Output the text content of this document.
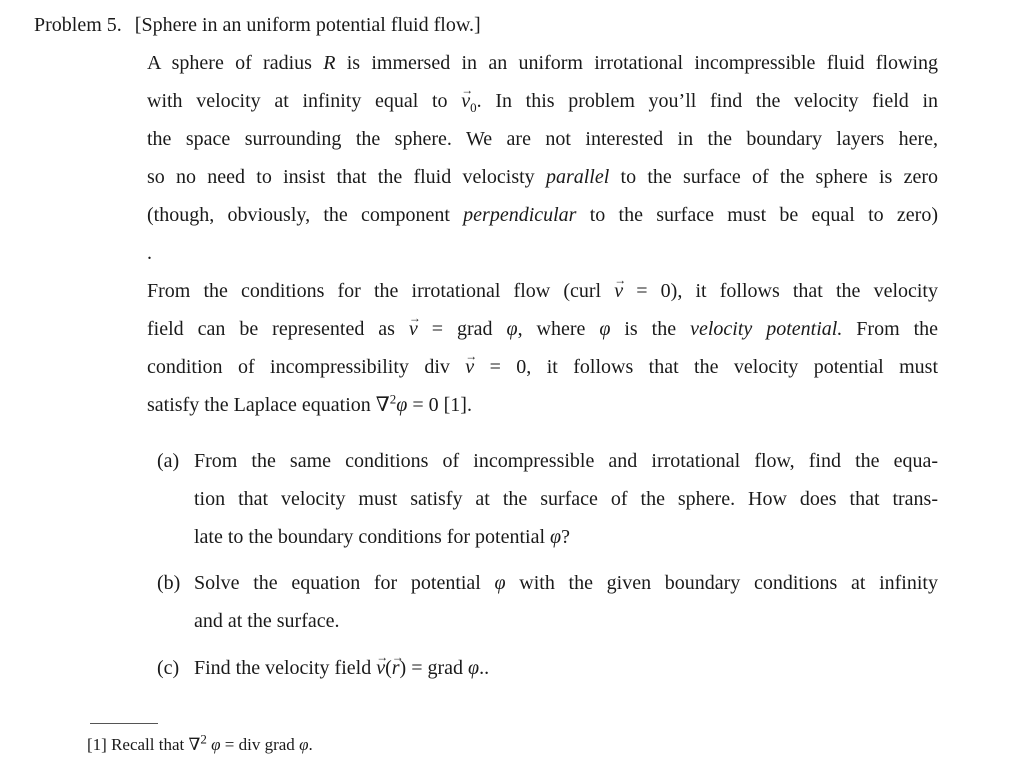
Problem 5. [Sphere in an uniform potential fluid flow.]
A sphere of radius R is immersed in an uniform irrotational incompressible fluid flowing
with velocity at infinity equal to → $v_0$. In this problem you’ll find the velocity field in
the space surrounding the sphere. We are not interested in the boundary layers here,
so no need to insist that the fluid velocisty parallel to the surface of the sphere is zero
(though, obviously, the component perpendicular to the surface must be equal to zero)
.
From the conditions for the irrotational flow (curl → v = 0), it follows that the velocity
field can be represented as → v = grad φ, where φ is the velocity potential. From the
condition of incompressibility div → v = 0, it follows that the velocity potential must
satisfy the Laplace equation ∇$^2$φ = 0 [1].
(a) From the same conditions of incompressible and irrotational flow, find the equa-
tion that velocity must satisfy at the surface of the sphere. How does that trans-
late to the boundary conditions for potential φ?
(b) Solve the equation for potential φ with the given boundary conditions at infinity
and at the surface.
(c) Find the velocity field → v(→ r) = grad φ..
[1] Recall that ∇$^2$ φ = div grad φ.
